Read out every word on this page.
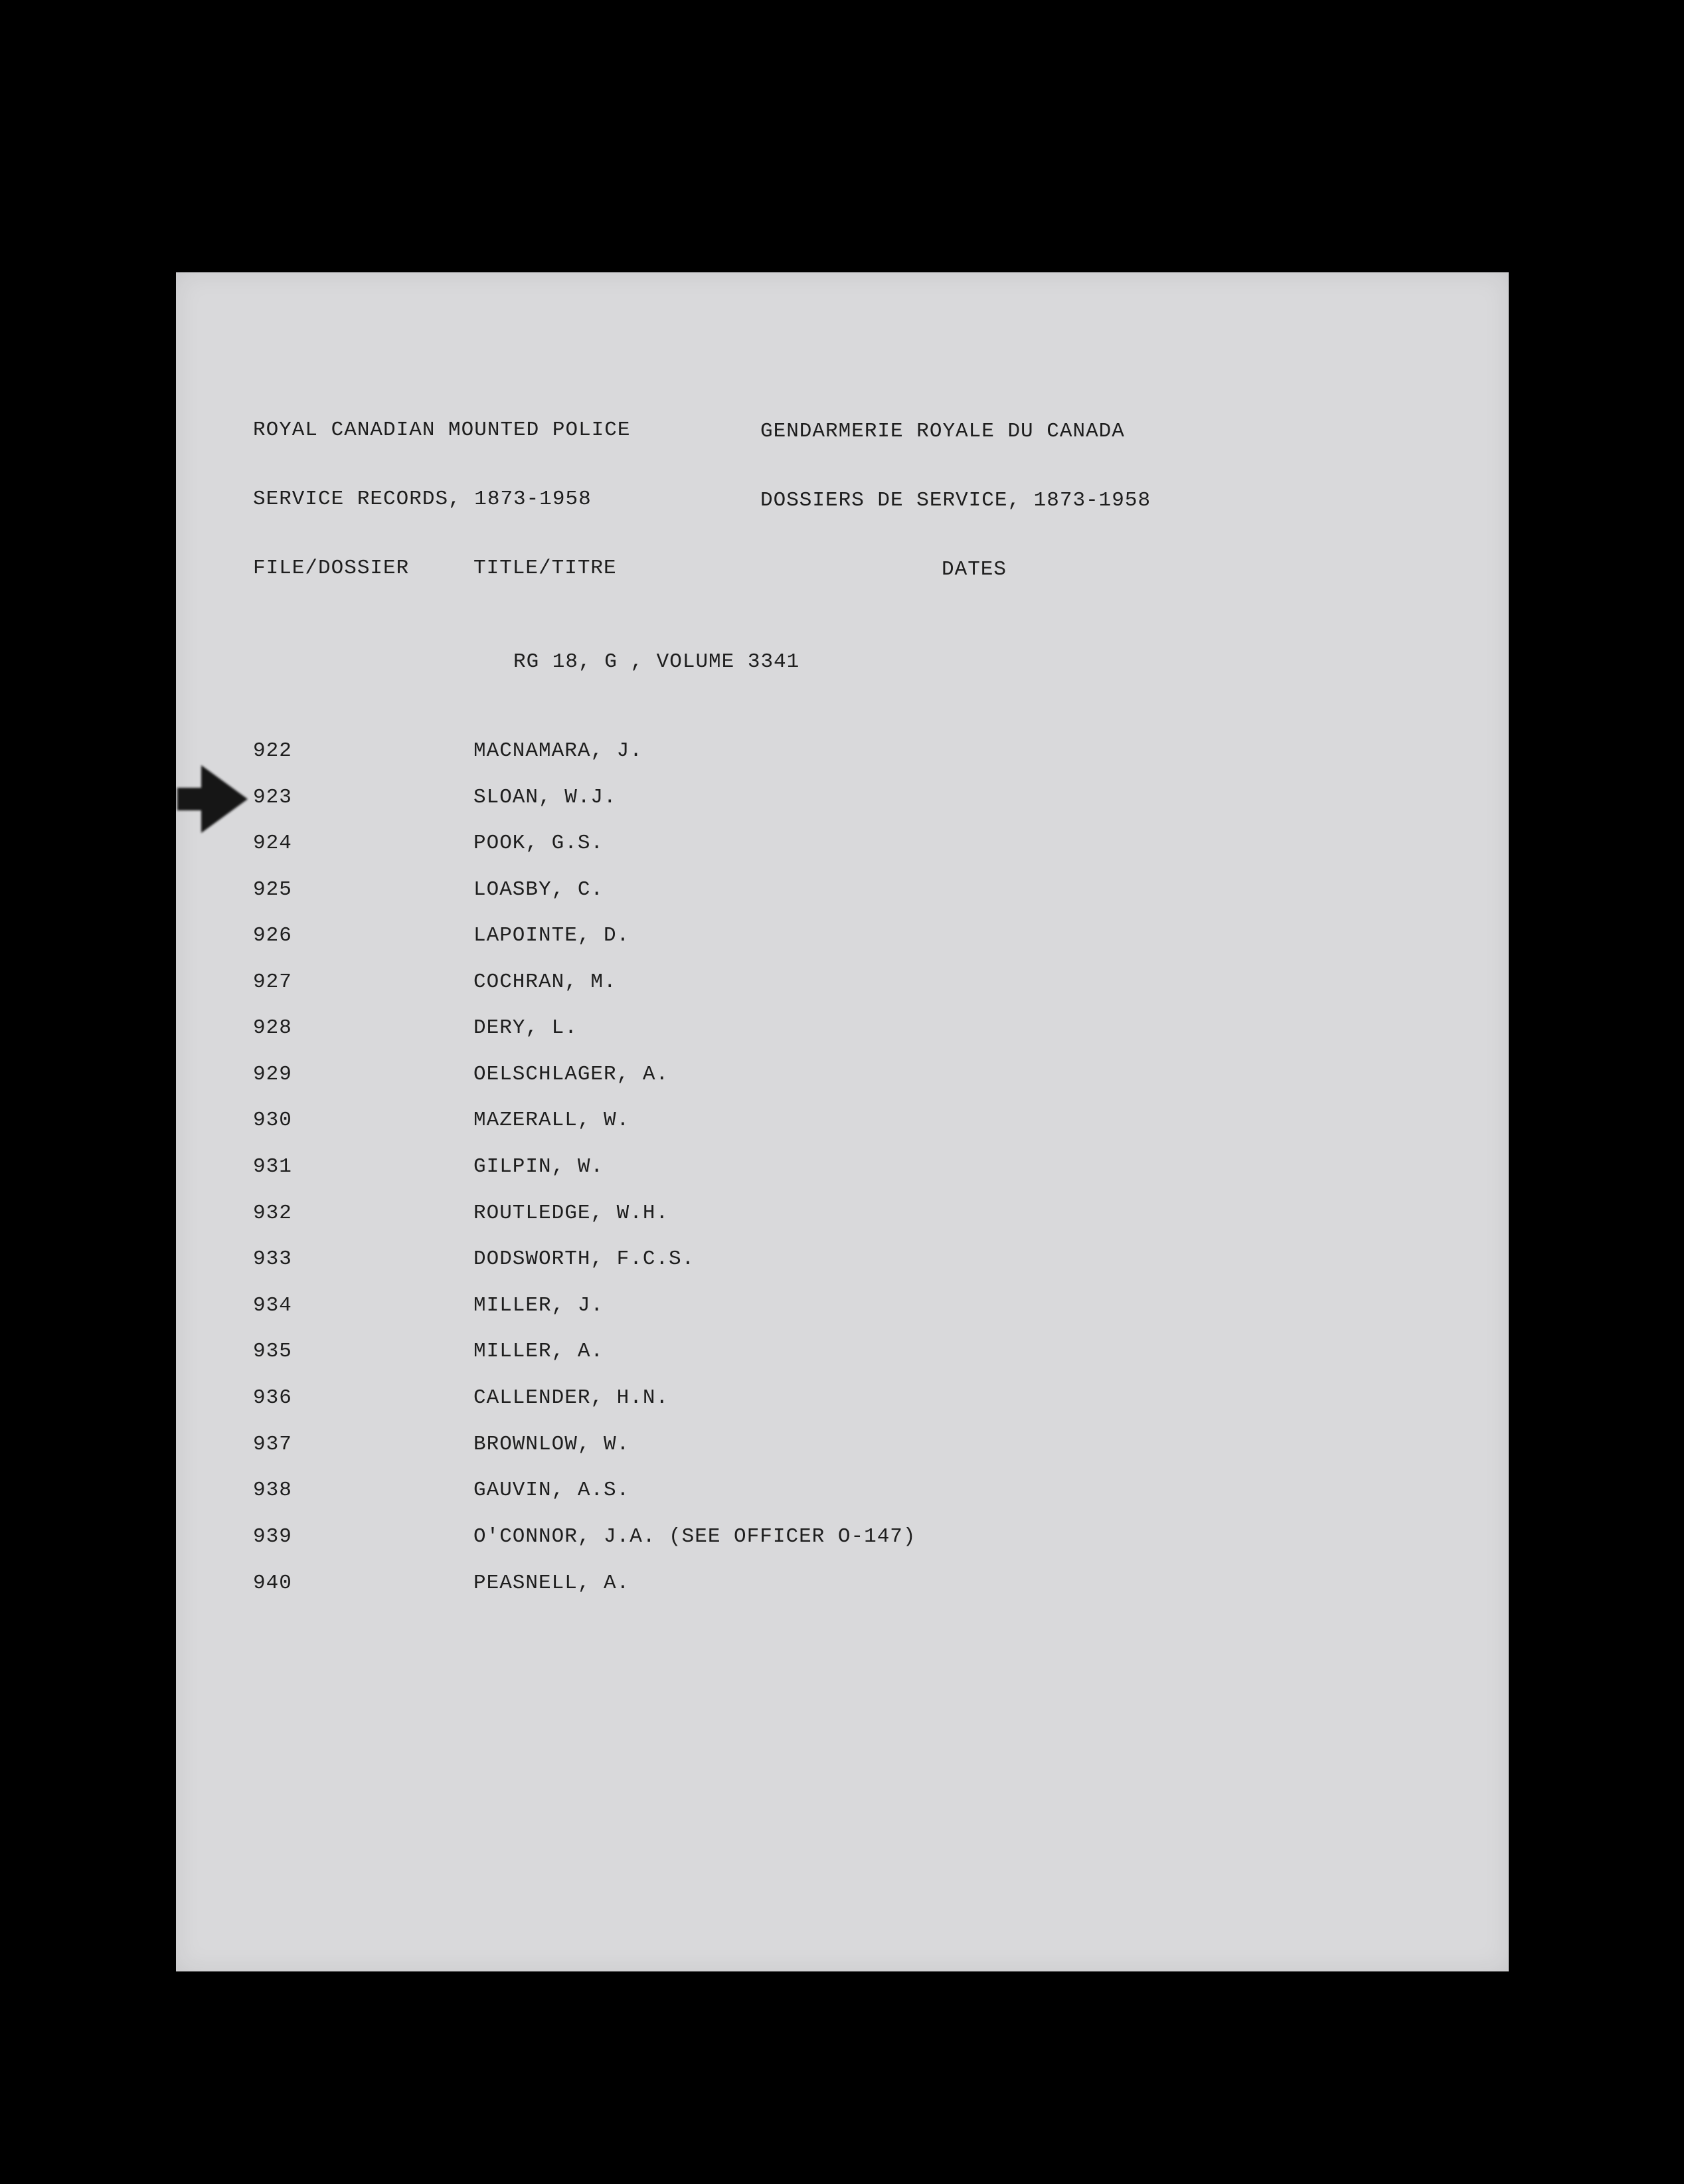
ROYAL CANADIAN MOUNTED POLICE	GENDARMERIE ROYALE DU CANADA
SERVICE RECORDS, 1873-1958	DOSSIERS DE SERVICE, 1873-1958
FILE/DOSSIER	TITLE/TITRE	DATES
RG 18, G , VOLUME 3341
922	MACNAMARA, J.
923	SLOAN, W.J.
924	POOK, G.S.
925	LOASBY, C.
926	LAPOINTE, D.
927	COCHRAN, M.
928	DERY, L.
929	OELSCHLAGER, A.
930	MAZERALL, W.
931	GILPIN, W.
932	ROUTLEDGE, W.H.
933	DODSWORTH, F.C.S.
934	MILLER, J.
935	MILLER, A.
936	CALLENDER, H.N.
937	BROWNLOW, W.
938	GAUVIN, A.S.
939	O'CONNOR, J.A. (SEE OFFICER O-147)
940	PEASNELL, A.
